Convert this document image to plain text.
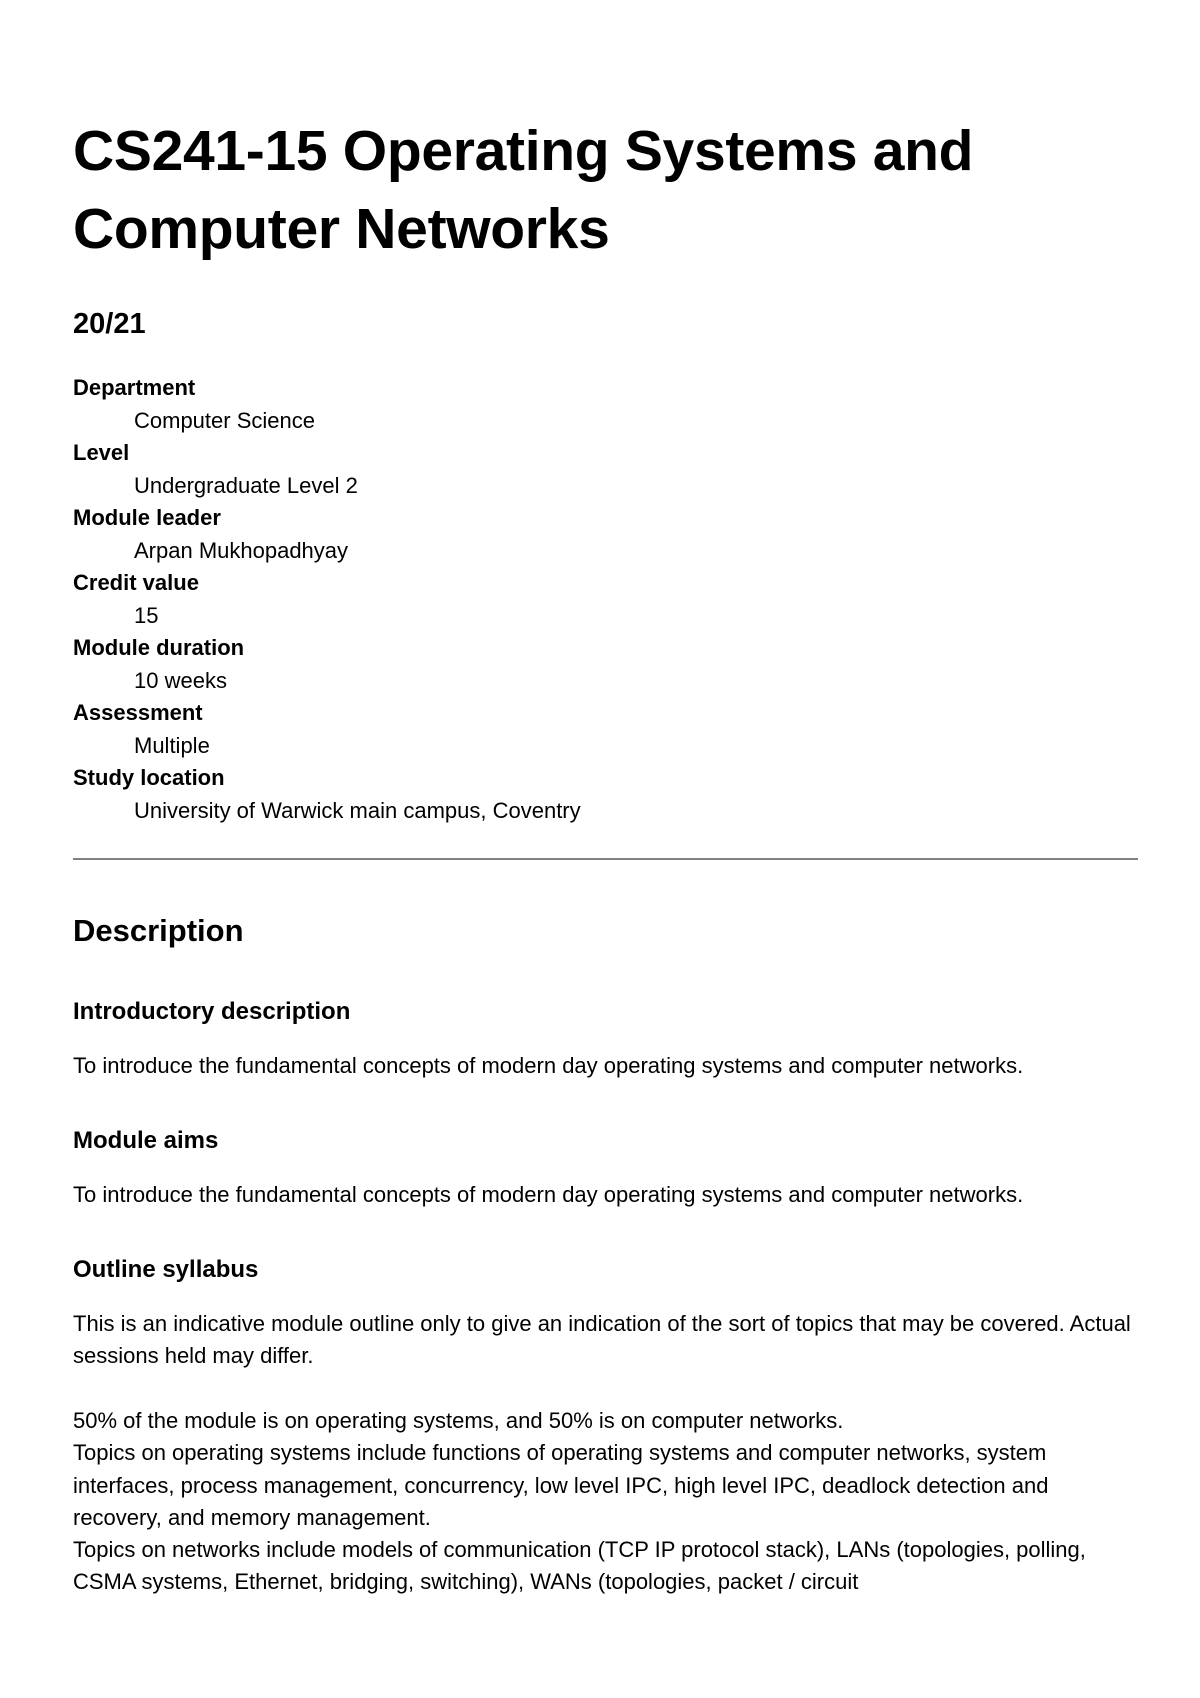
CS241-15 Operating Systems and Computer Networks
20/21
Department
Computer Science
Level
Undergraduate Level 2
Module leader
Arpan Mukhopadhyay
Credit value
15
Module duration
10 weeks
Assessment
Multiple
Study location
University of Warwick main campus, Coventry
Description
Introductory description

To introduce the fundamental concepts of modern day operating systems and computer networks.

Module aims

To introduce the fundamental concepts of modern day operating systems and computer networks.

Outline syllabus

This is an indicative module outline only to give an indication of the sort of topics that may be covered. Actual sessions held may differ.

50% of the module is on operating systems, and 50% is on computer networks.
Topics on operating systems include functions of operating systems and computer networks, system interfaces, process management, concurrency, low level IPC, high level IPC, deadlock detection and recovery, and memory management.
Topics on networks include models of communication (TCP IP protocol stack), LANs (topologies, polling, CSMA systems, Ethernet, bridging, switching), WANs (topologies, packet / circuit
